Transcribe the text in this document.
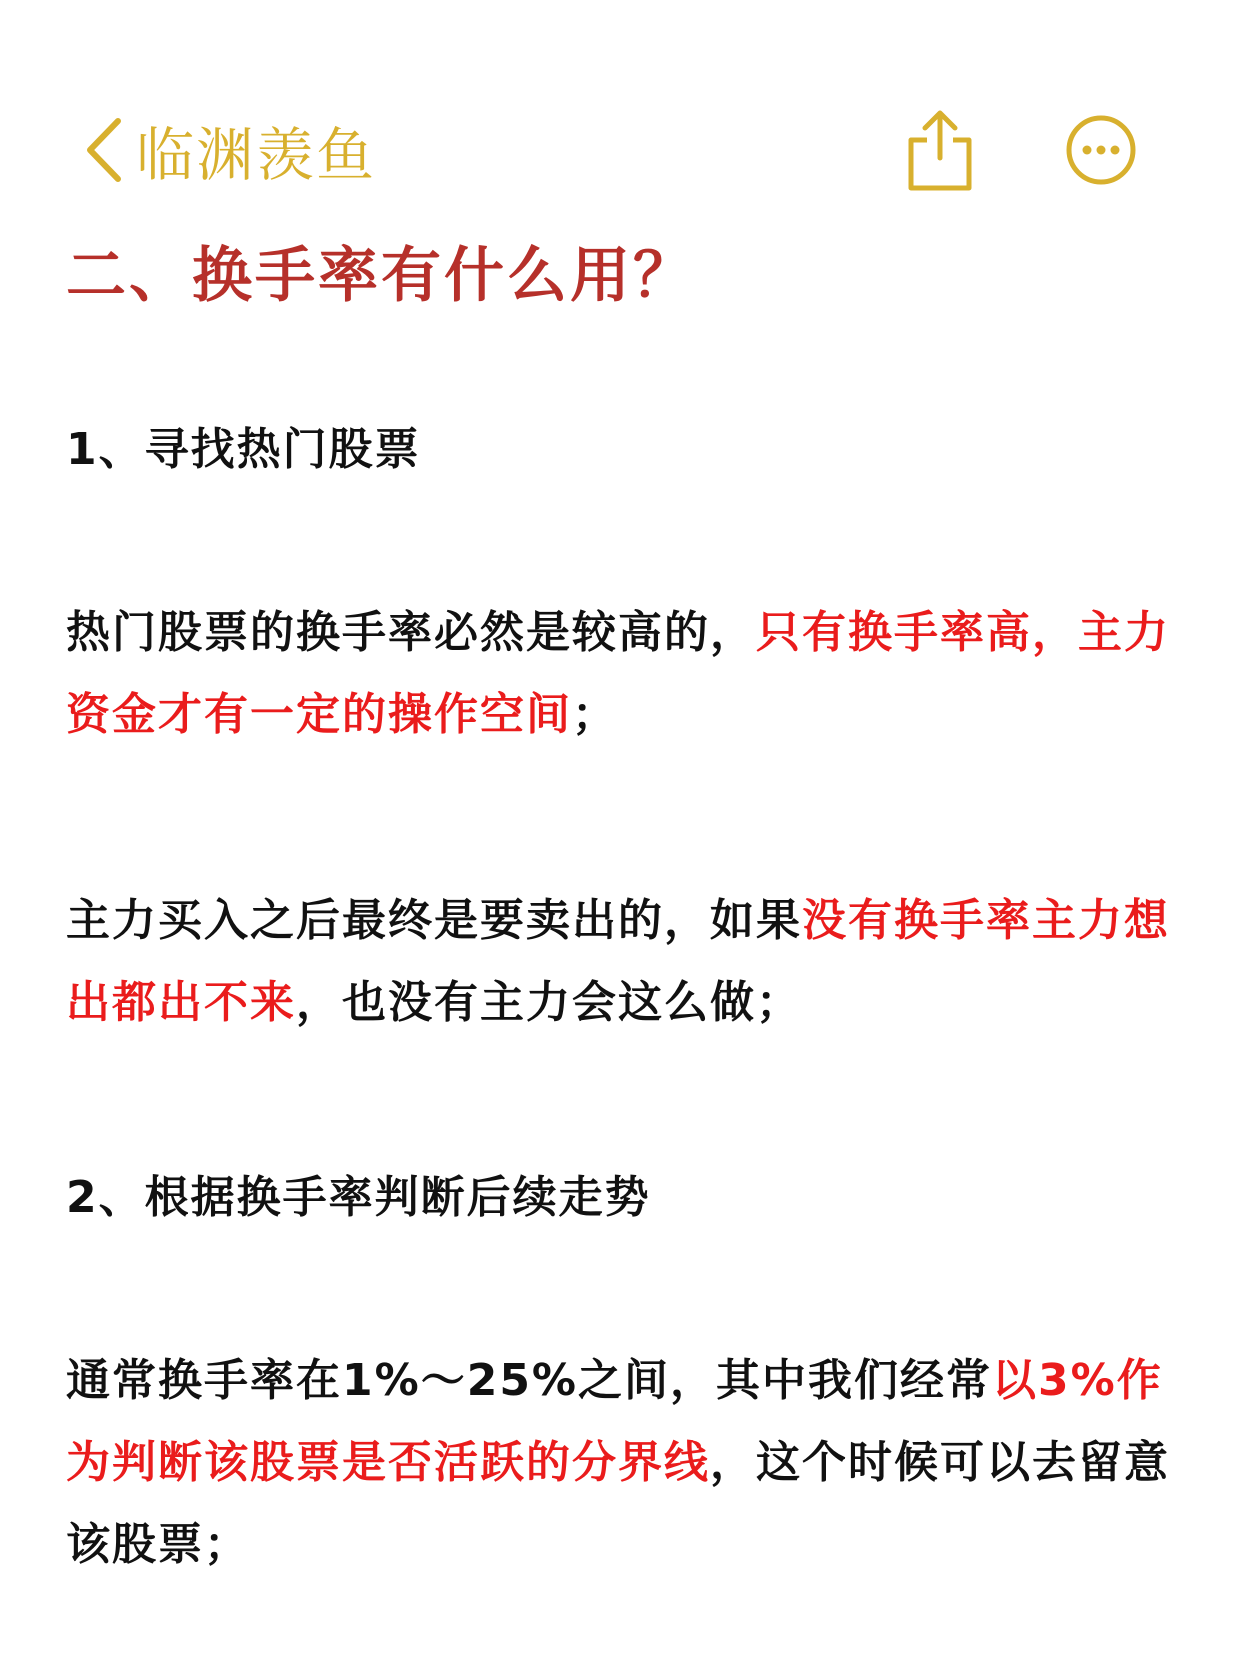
临渊羡鱼
二、换手率有什么用？
1、寻找热门股票

热门股票的换手率必然是较高的，只有换手率高，主力资金才有一定的操作空间；

主力买入之后最终是要卖出的，如果没有换手率主力想出都出不来，也没有主力会这么做；

2、根据换手率判断后续走势

通常换手率在1%～25%之间，其中我们经常以3%作为判断该股票是否活跃的分界线，这个时候可以去留意该股票；
